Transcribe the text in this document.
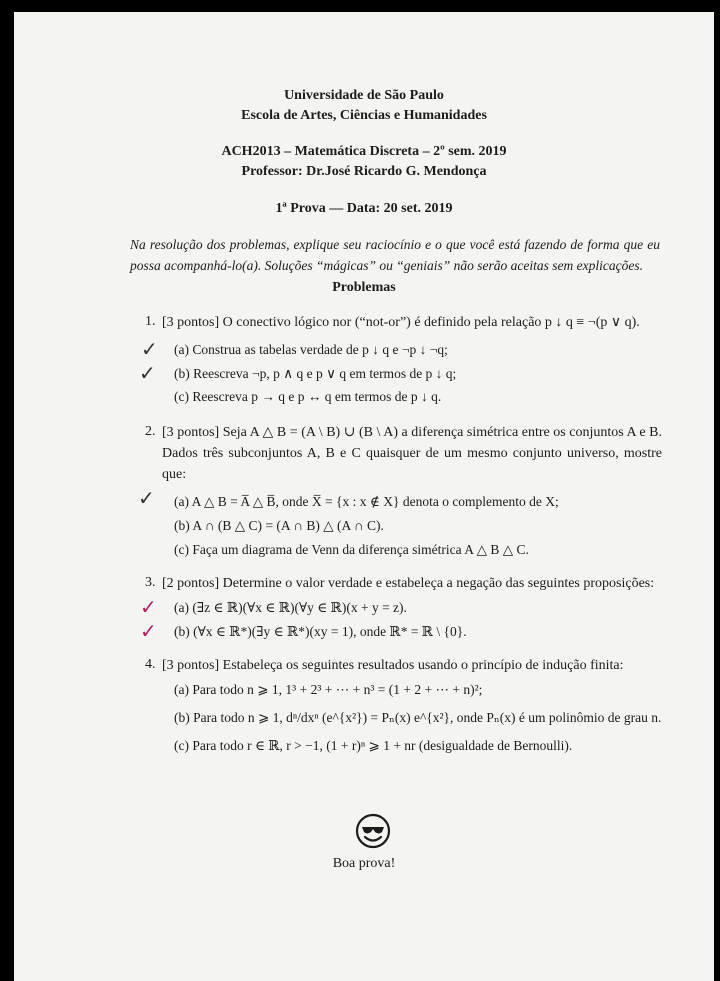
Universidade de São Paulo
Escola de Artes, Ciências e Humanidades
ACH2013 – Matemática Discreta – 2º sem. 2019
Professor: Dr.José Ricardo G. Mendonça
1ª Prova — Data: 20 set. 2019
Na resolução dos problemas, explique seu raciocínio e o que você está fazendo de forma que eu possa acompanhá-lo(a). Soluções “mágicas” ou “geniais” não serão aceitas sem explicações.
Problemas
1. [3 pontos] O conectivo lógico nor (“not-or”) é definido pela relação p ↓ q ≡ ¬(p ∨ q).
✓ (a) Construa as tabelas verdade de p ↓ q e ¬p ↓ ¬q;
✓ (b) Reescreva ¬p, p ∧ q e p ∨ q em termos de p ↓ q;
(c) Reescreva p → q e p ↔ q em termos de p ↓ q.
2. [3 pontos] Seja A △ B = (A \ B) ∪ (B \ A) a diferença simétrica entre os conjuntos A e B. Dados três subconjuntos A, B e C quaisquer de um mesmo conjunto universo, mostre que:
✓ (a) A △ B = A̅ △ B̅, onde X̅ = {x : x ∉ X} denota o complemento de X;
(b) A ∩ (B △ C) = (A ∩ B) △ (A ∩ C).
(c) Faça um diagrama de Venn da diferença simétrica A △ B △ C.
3. [2 pontos] Determine o valor verdade e estabeleça a negação das seguintes proposições:
✓ (a) (∃z ∈ ℝ)(∀x ∈ ℝ)(∀y ∈ ℝ)(x + y = z).
✓ (b) (∀x ∈ ℝ*)(∃y ∈ ℝ*)(xy = 1), onde ℝ* = ℝ \ {0}.
4. [3 pontos] Estabeleça os seguintes resultados usando o princípio de indução finita:
(a) Para todo n ⩾ 1, 1³ + 2³ + ⋯ + n³ = (1 + 2 + ⋯ + n)²;
(b) Para todo n ⩾ 1, dⁿ/dxⁿ (e^{x²}) = Pₙ(x) e^{x²}, onde Pₙ(x) é um polinômio de grau n.
(c) Para todo r ∈ ℝ, r > −1, (1 + r)ⁿ ⩾ 1 + nr (desigualdade de Bernoulli).
Boa prova!
